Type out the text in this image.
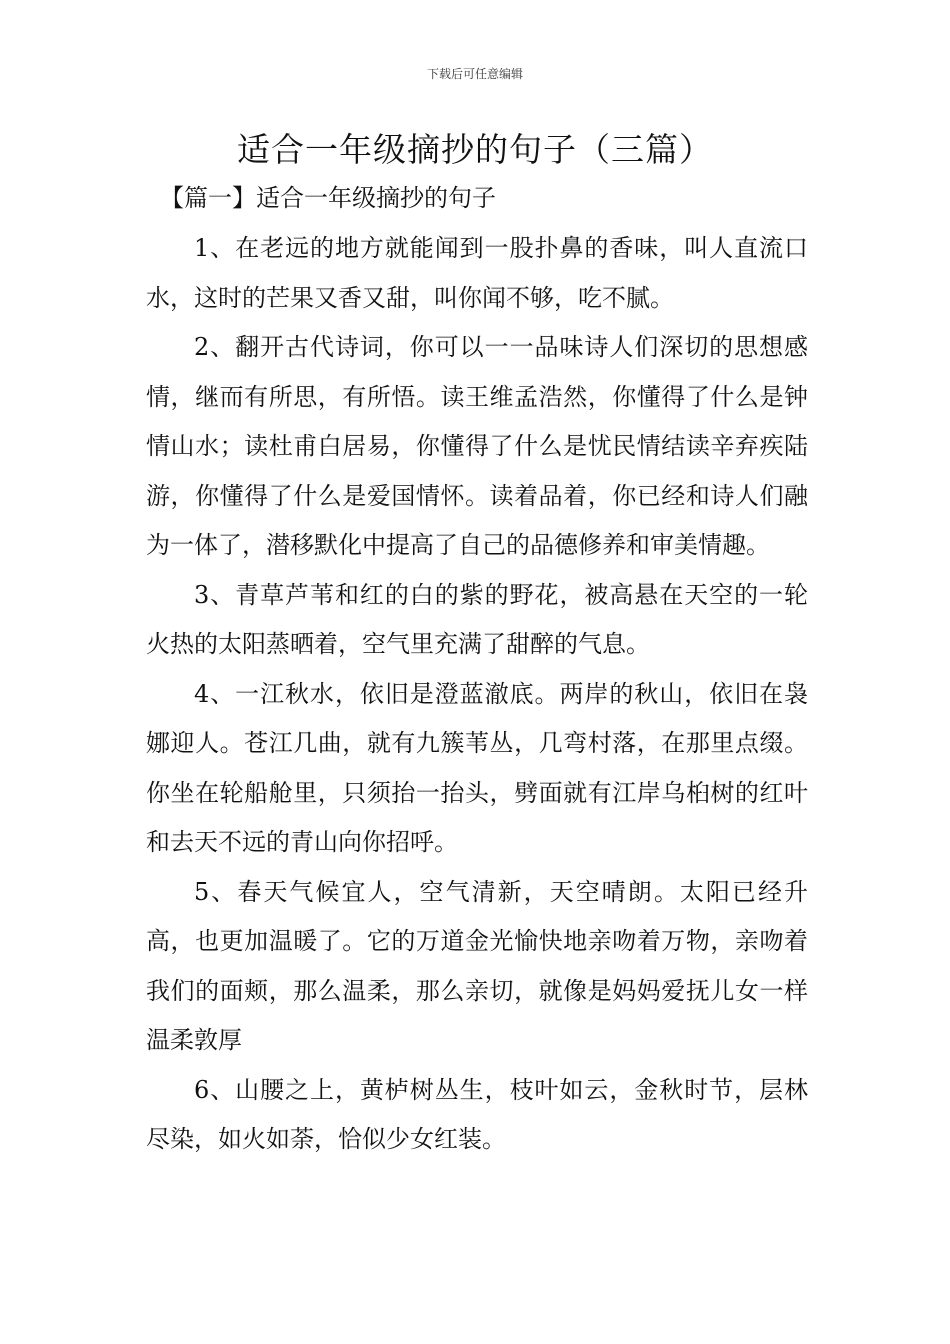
下载后可任意编辑
适合一年级摘抄的句子（三篇）
【篇一】适合一年级摘抄的句子

1、在老远的地方就能闻到一股扑鼻的香味，叫人直流口水，这时的芒果又香又甜，叫你闻不够，吃不腻。

2、翻开古代诗词，你可以一一品味诗人们深切的思想感情，继而有所思，有所悟。读王维孟浩然，你懂得了什么是钟情山水；读杜甫白居易，你懂得了什么是忧民情结读辛弃疾陆游，你懂得了什么是爱国情怀。读着品着，你已经和诗人们融为一体了，潜移默化中提高了自己的品德修养和审美情趣。

3、青草芦苇和红的白的紫的野花，被高悬在天空的一轮火热的太阳蒸晒着，空气里充满了甜醉的气息。

4、一江秋水，依旧是澄蓝澈底。两岸的秋山，依旧在袅娜迎人。苍江几曲，就有九簇苇丛，几弯村落，在那里点缀。你坐在轮船舱里，只须抬一抬头，劈面就有江岸乌桕树的红叶和去天不远的青山向你招呼。

5、春天气候宜人，空气清新，天空晴朗。太阳已经升高，也更加温暖了。它的万道金光愉快地亲吻着万物，亲吻着我们的面颊，那么温柔，那么亲切，就像是妈妈爱抚儿女一样温柔敦厚

6、山腰之上，黄栌树丛生，枝叶如云，金秋时节，层林尽染，如火如荼，恰似少女红装。
